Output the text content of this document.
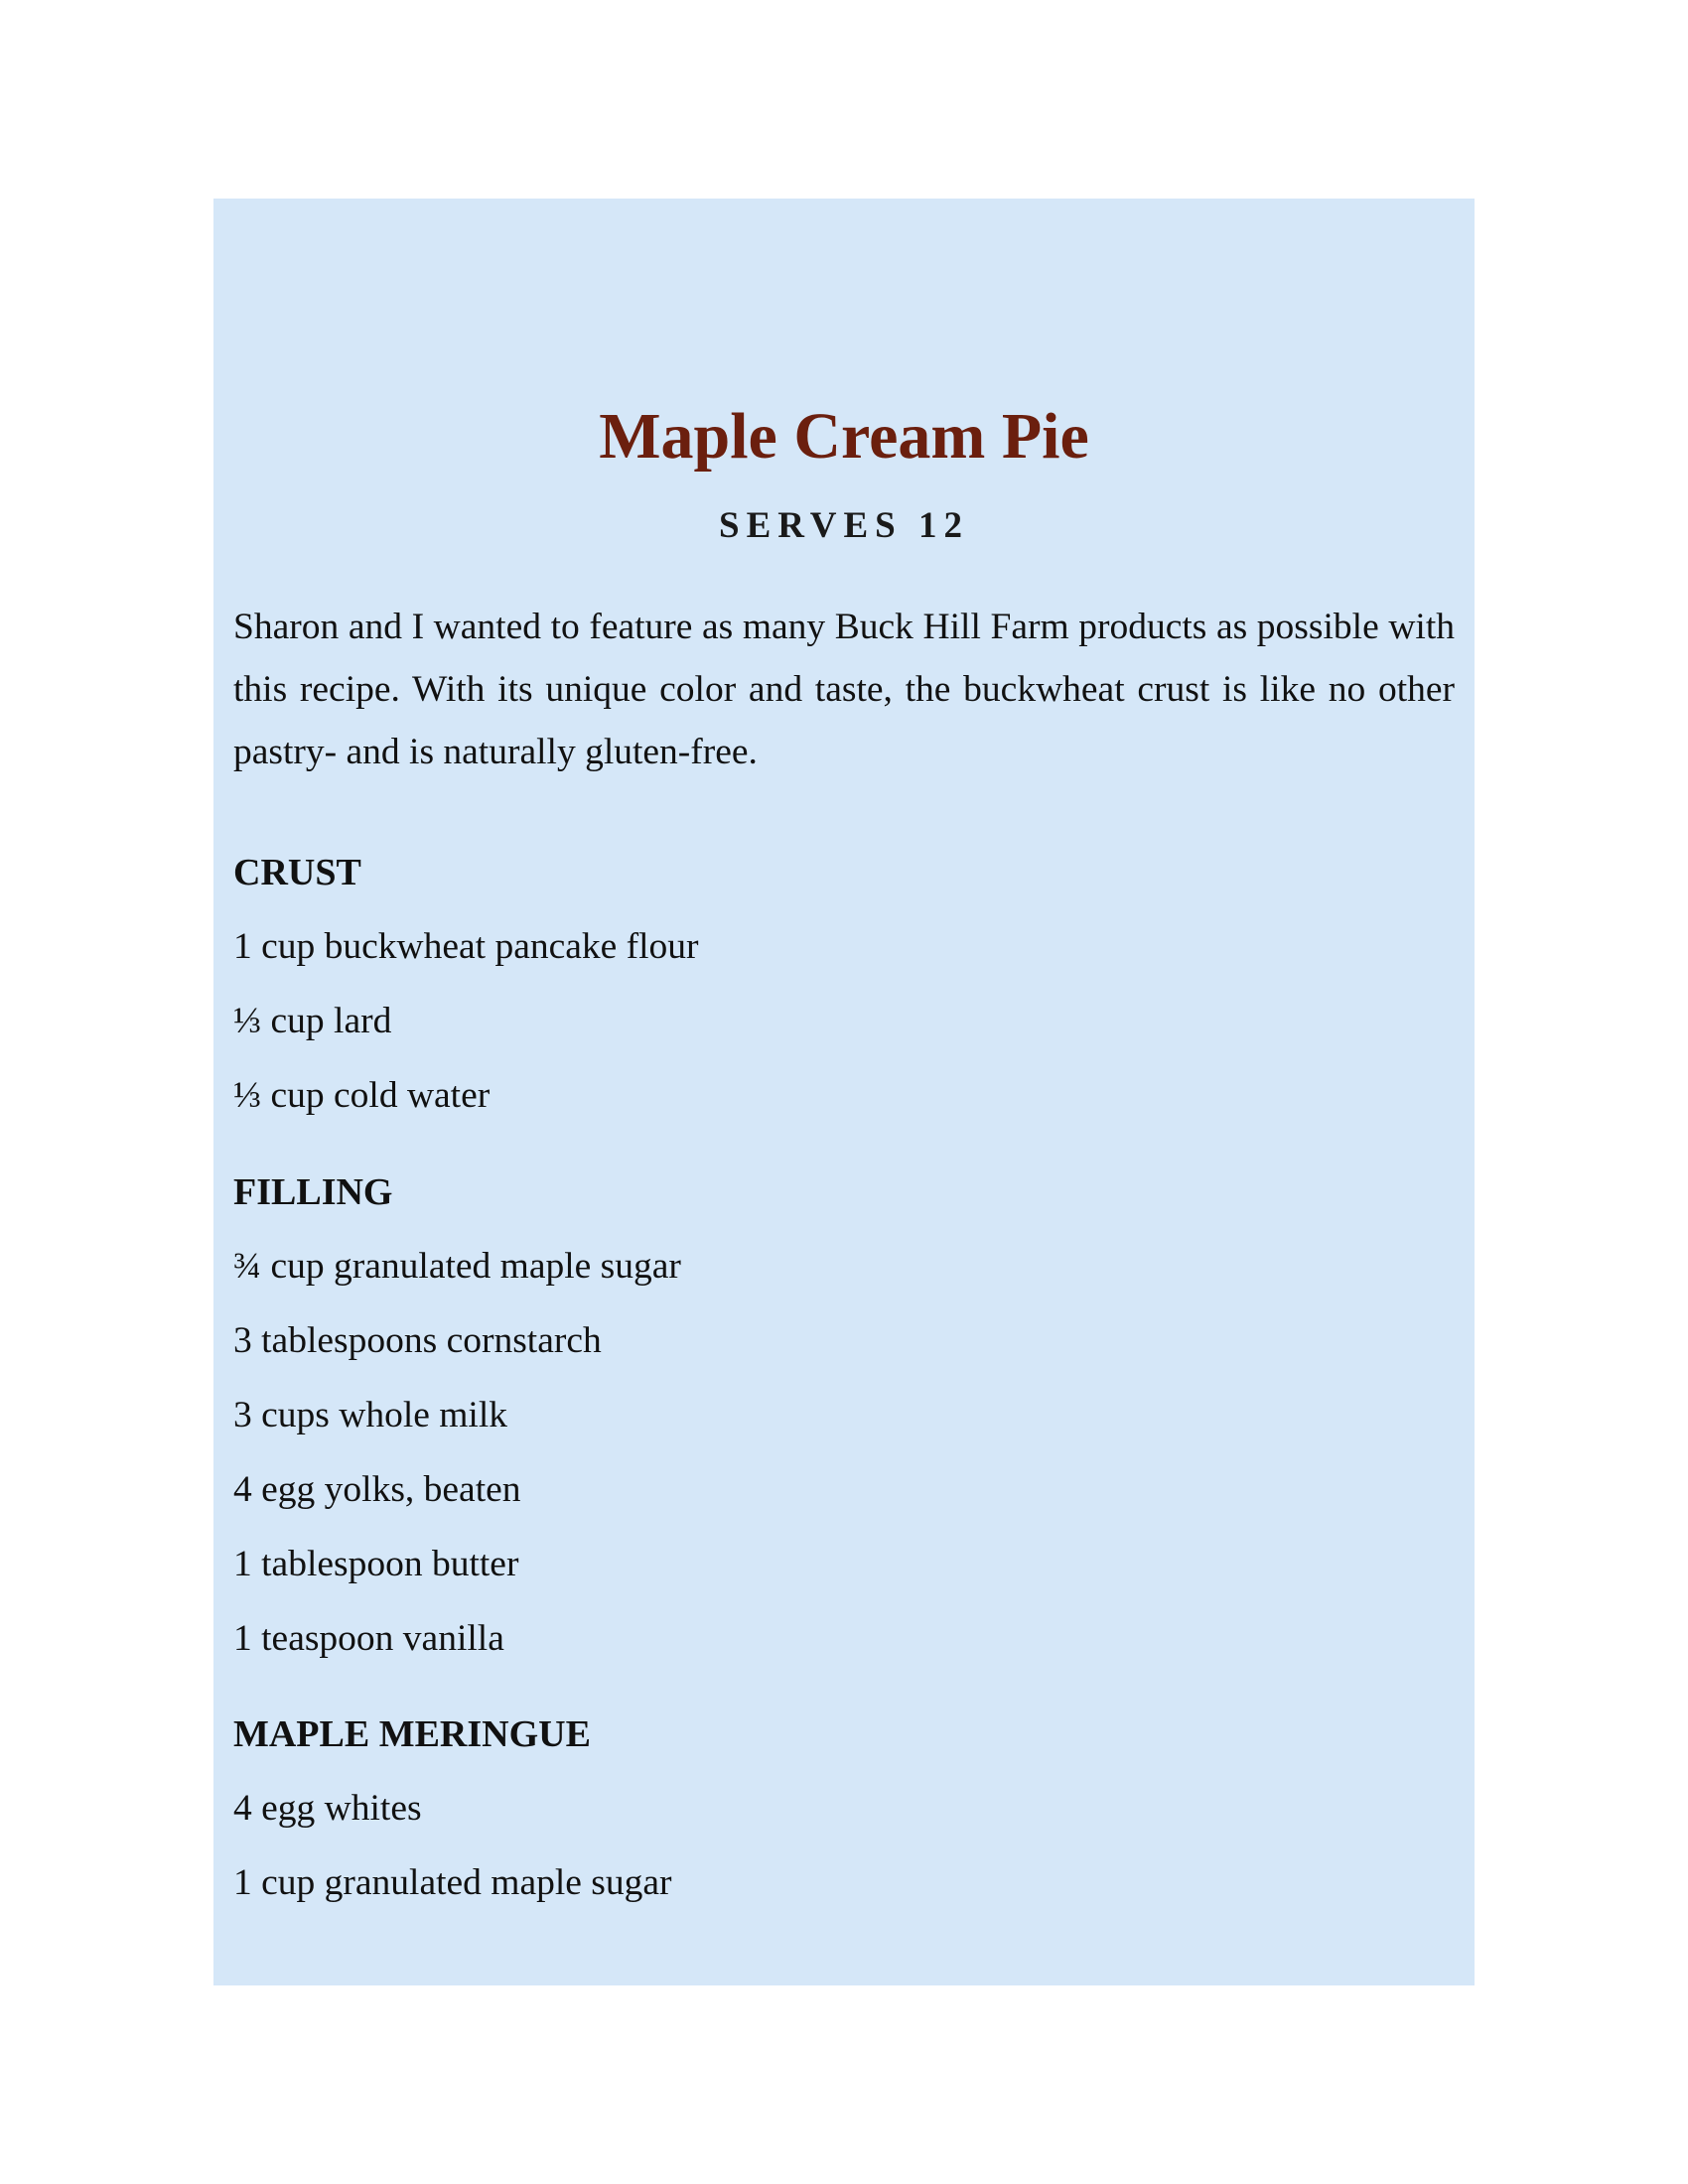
Maple Cream Pie
SERVES 12

Sharon and I wanted to feature as many Buck Hill Farm products as possible with this recipe. With its unique color and taste, the buckwheat crust is like no other pastry- and is naturally gluten-free.

CRUST
1 cup buckwheat pancake flour
⅓ cup lard
⅓ cup cold water
FILLING
¾ cup granulated maple sugar
3 tablespoons cornstarch
3 cups whole milk
4 egg yolks, beaten
1 tablespoon butter
1 teaspoon vanilla
MAPLE MERINGUE
4 egg whites
1 cup granulated maple sugar
